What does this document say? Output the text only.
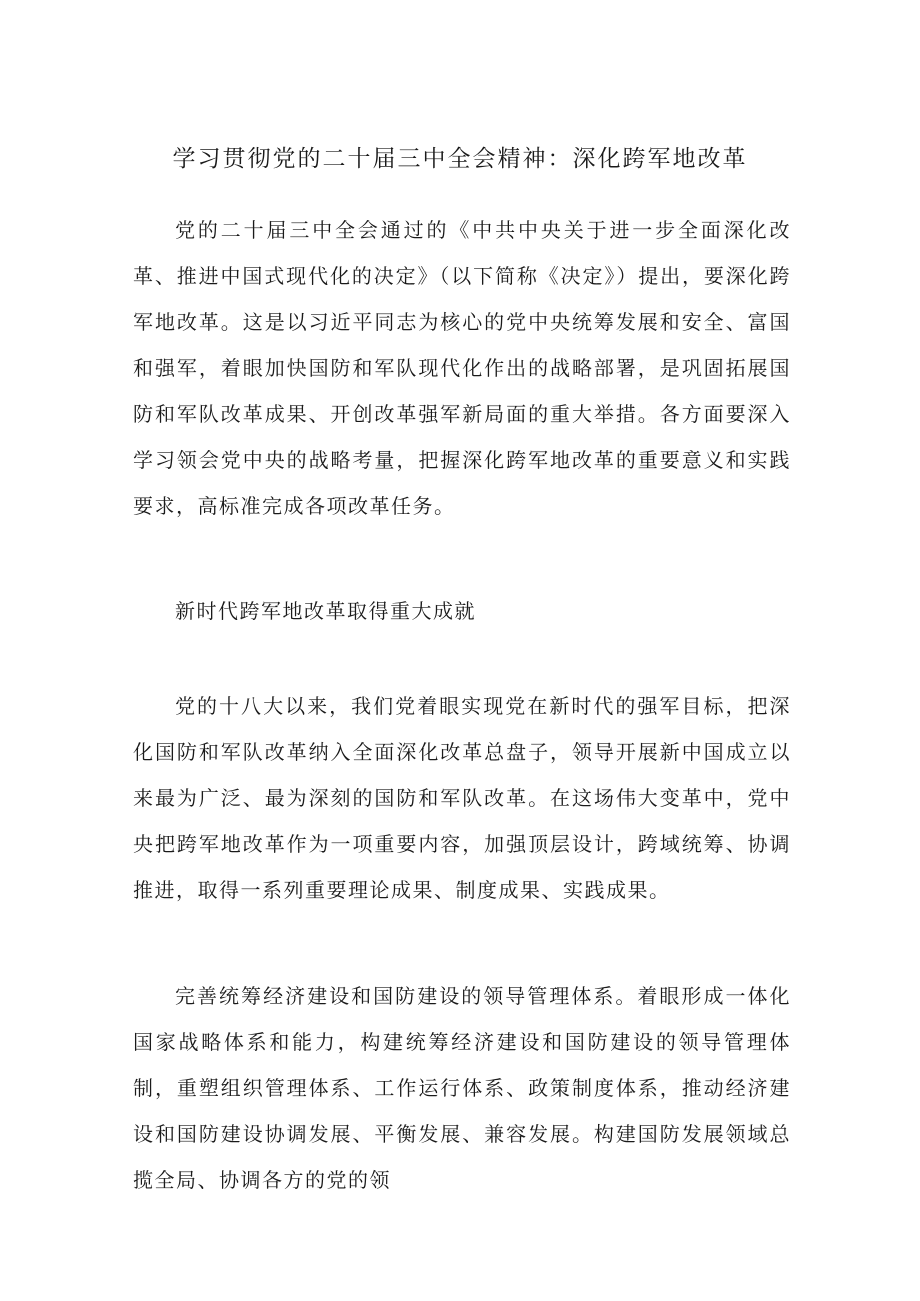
学习贯彻党的二十届三中全会精神：深化跨军地改革

党的二十届三中全会通过的《中共中央关于进一步全面深化改革、推进中国式现代化的决定》（以下简称《决定》）提出，要深化跨军地改革。这是以习近平同志为核心的党中央统筹发展和安全、富国和强军，着眼加快国防和军队现代化作出的战略部署，是巩固拓展国防和军队改革成果、开创改革强军新局面的重大举措。各方面要深入学习领会党中央的战略考量，把握深化跨军地改革的重要意义和实践要求，高标准完成各项改革任务。

新时代跨军地改革取得重大成就

党的十八大以来，我们党着眼实现党在新时代的强军目标，把深化国防和军队改革纳入全面深化改革总盘子，领导开展新中国成立以来最为广泛、最为深刻的国防和军队改革。在这场伟大变革中，党中央把跨军地改革作为一项重要内容，加强顶层设计，跨域统筹、协调推进，取得一系列重要理论成果、制度成果、实践成果。

完善统筹经济建设和国防建设的领导管理体系。着眼形成一体化国家战略体系和能力，构建统筹经济建设和国防建设的领导管理体制，重塑组织管理体系、工作运行体系、政策制度体系，推动经济建设和国防建设协调发展、平衡发展、兼容发展。构建国防发展领域总揽全局、协调各方的党的领
